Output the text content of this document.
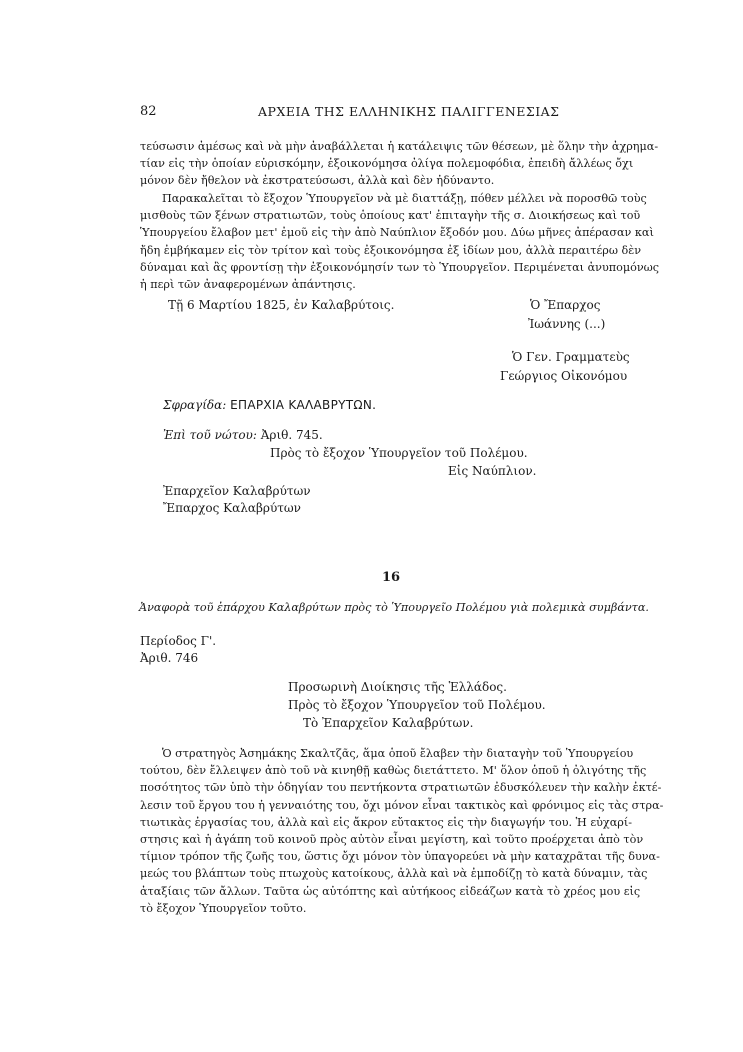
82	ΑΡΧΕΙΑ ΤΗΣ ΕΛΛΗΝΙΚΗΣ ΠΑΛΙΓΓΕΝΕΣΙΑΣ
τεύσωσιν ἀμέσως καὶ νὰ μὴν ἀναβάλλεται ἡ κατάλειψις τῶν θέσεων, μὲ ὅλην τὴν ἀχρημα-
τίαν εἰς τὴν ὁποίαν εὑρισκόμην, ἐξοικονόμησα ὀλίγα πολεμοφόδια, ἐπειδὴ ἄλλέως ὄχι
μόνον δὲν ἤθελον νὰ ἐκστρατεύσωσι, ἀλλὰ καὶ δὲν ἠδύναντο.
Παρακαλεῖται τὸ ἔξοχον Ὑπουργεῖον νὰ μὲ διαττάξῃ, πόθεν μέλλει νὰ ποροσθῶ τοὺς
μισθοὺς τῶν ξένων στρατιωτῶν, τοὺς ὁποίους κατ' ἐπιταγὴν τῆς σ. Διοικήσεως καὶ τοῦ
Ὑπουργείου ἔλαβον μετ' ἐμοῦ εἰς τὴν ἀπὸ Ναύπλιον ἔξοδόν μου. Δύω μῆνες ἀπέρασαν καὶ
ἤδη ἐμβήκαμεν εἰς τὸν τρίτον καὶ τοὺς ἐξοικονόμησα ἐξ ἰδίων μου, ἀλλὰ περαιτέρω δὲν
δύναμαι καὶ ἂς φροντίσῃ τὴν ἐξοικονόμησίν των τὸ Ὑπουργεῖον. Περιμένεται ἀνυπομόνως
ἡ περὶ τῶν ἀναφερομένων ἀπάντησις.
Τῇ 6 Μαρτίου 1825, ἐν Καλαβρύτοις.	Ὁ Ἔπαρχος
Ἰωάννης (...)
Ὁ Γεν. Γραμματεὺς
Γεώργιος Οἰκονόμου
Σφραγίδα: ΕΠΑΡΧΙΑ ΚΑΛΑΒΡΥΤΩΝ.
Ἐπὶ τοῦ νώτου: Ἀριθ. 745.
Πρὸς τὸ ἔξοχον Ὑπουργεῖον τοῦ Πολέμου.
Εἰς Ναύπλιον.
Ἐπαρχεῖον Καλαβρύτων
Ἔπαρχος Καλαβρύτων
16
Ἀναφορὰ τοῦ ἐπάρχου Καλαβρύτων πρὸς τὸ Ὑπουργεῖο Πολέμου γιὰ πολεμικὰ συμβάντα.
Περίοδος Γ'.
Ἀριθ. 746
Προσωρινὴ Διοίκησις τῆς Ἑλλάδος.
Πρὸς τὸ ἔξοχον Ὑπουργεῖον τοῦ Πολέμου.
Τὸ Ἐπαρχεῖον Καλαβρύτων.
Ὁ στρατηγὸς Ἀσημάκης Σκαλτζᾶς, ἅμα ὁποῦ ἔλαβεν τὴν διαταγὴν τοῦ Ὑπουργείου
τούτου, δὲν ἔλλειψεν ἀπὸ τοῦ νὰ κινηθῇ καθὼς διετάττετο. Μ' ὅλον ὁποῦ ἡ ὀλιγότης τῆς
ποσότητος τῶν ὑπὸ τὴν ὁδηγίαν του πεντήκοντα στρατιωτῶν ἐδυσκόλευεν τὴν καλὴν ἐκτέ-
λεσιν τοῦ ἔργου του ἡ γενναιότης του, ὄχι μόνον εἶναι τακτικὸς καὶ φρόνιμος εἰς τὰς στρα-
τιωτικὰς ἐργασίας του, ἀλλὰ καὶ εἰς ἄκρον εὔτακτος εἰς τὴν διαγωγήν του. Ἡ εὐχαρί-
στησις καὶ ἡ ἀγάπη τοῦ κοινοῦ πρὸς αὐτὸν εἶναι μεγίστη, καὶ τοῦτο προέρχεται ἀπὸ τὸν
τίμιον τρόπον τῆς ζωῆς του, ὥστις ὄχι μόνον τὸν ὑπαγορεύει νὰ μὴν καταχρᾶται τῆς δυνα-
μεώς του βλάπτων τοὺς πτωχοὺς κατοίκους, ἀλλὰ καὶ νὰ ἐμποδίζῃ τὸ κατὰ δύναμιν, τὰς
ἀταξίαις τῶν ἄλλων. Ταῦτα ὡς αὐτόπτης καὶ αὐτήκοος εἰδεάζων κατὰ τὸ χρέος μου εἰς
τὸ ἔξοχον Ὑπουργεῖον τοῦτο.
